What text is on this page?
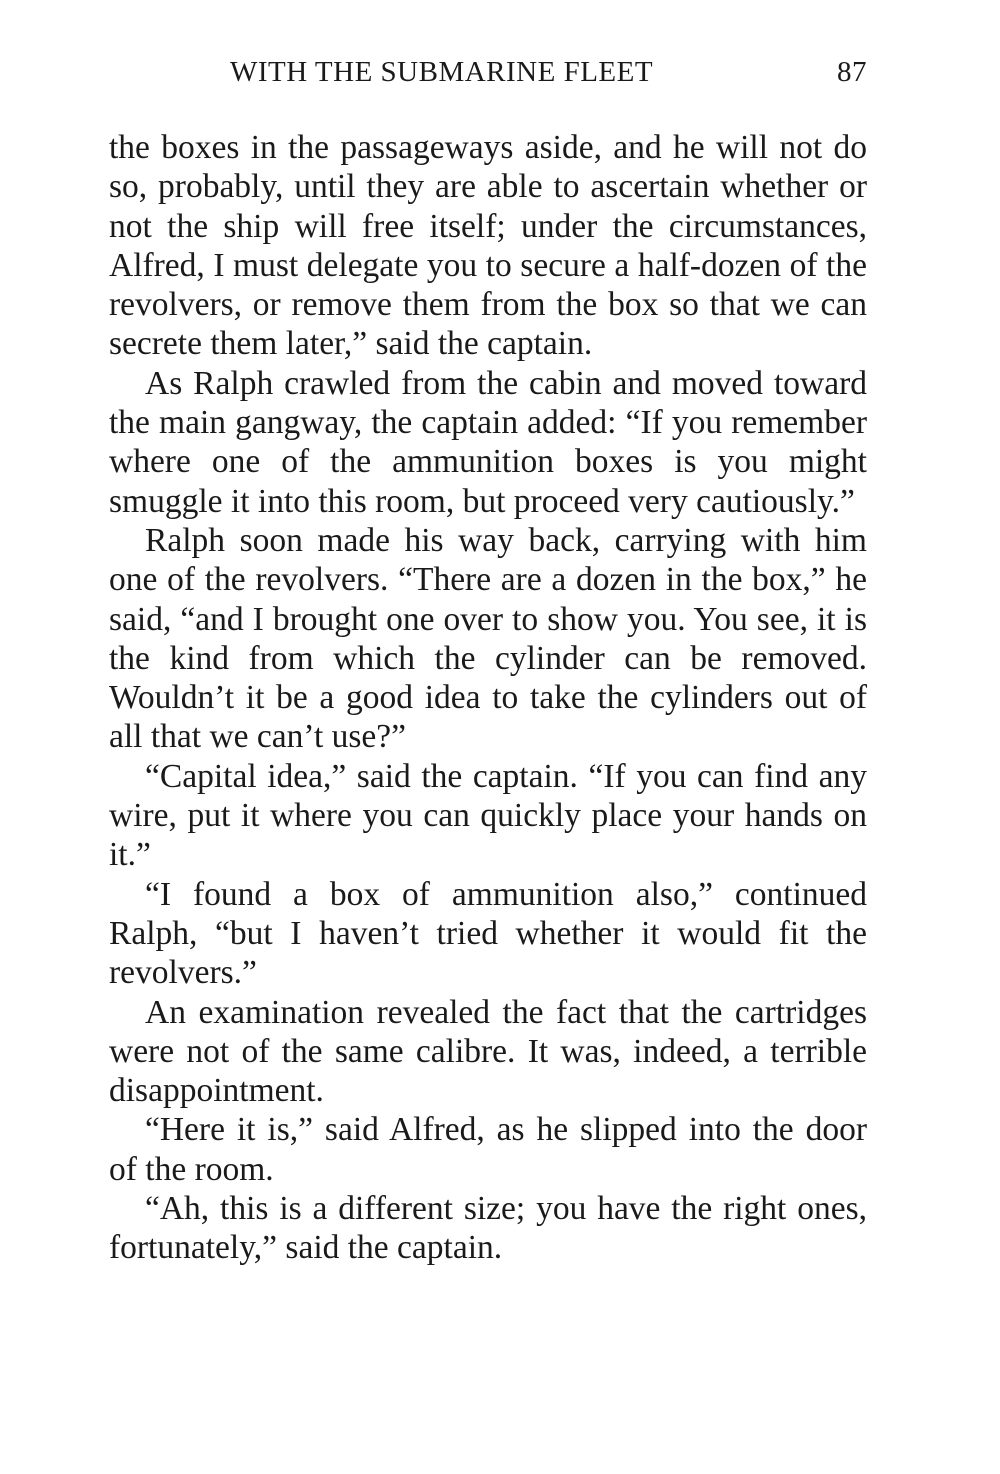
WITH THE SUBMARINE FLEET	87

the boxes in the passageways aside, and he will not do so, probably, until they are able to ascertain whether or not the ship will free itself; under the circumstances, Alfred, I must delegate you to secure a half-dozen of the revolvers, or remove them from the box so that we can secrete them later,” said the captain.

As Ralph crawled from the cabin and moved toward the main gangway, the captain added: “If you remember where one of the ammunition boxes is you might smuggle it into this room, but proceed very cautiously.”

Ralph soon made his way back, carrying with him one of the revolvers. “There are a dozen in the box,” he said, “and I brought one over to show you. You see, it is the kind from which the cylinder can be removed. Wouldn’t it be a good idea to take the cylinders out of all that we can’t use?”

“Capital idea,” said the captain. “If you can find any wire, put it where you can quickly place your hands on it.”

“I found a box of ammunition also,” continued Ralph, “but I haven’t tried whether it would fit the revolvers.”

An examination revealed the fact that the cartridges were not of the same calibre. It was, indeed, a terrible disappointment.

“Here it is,” said Alfred, as he slipped into the door of the room.

“Ah, this is a different size; you have the right ones, fortunately,” said the captain.
